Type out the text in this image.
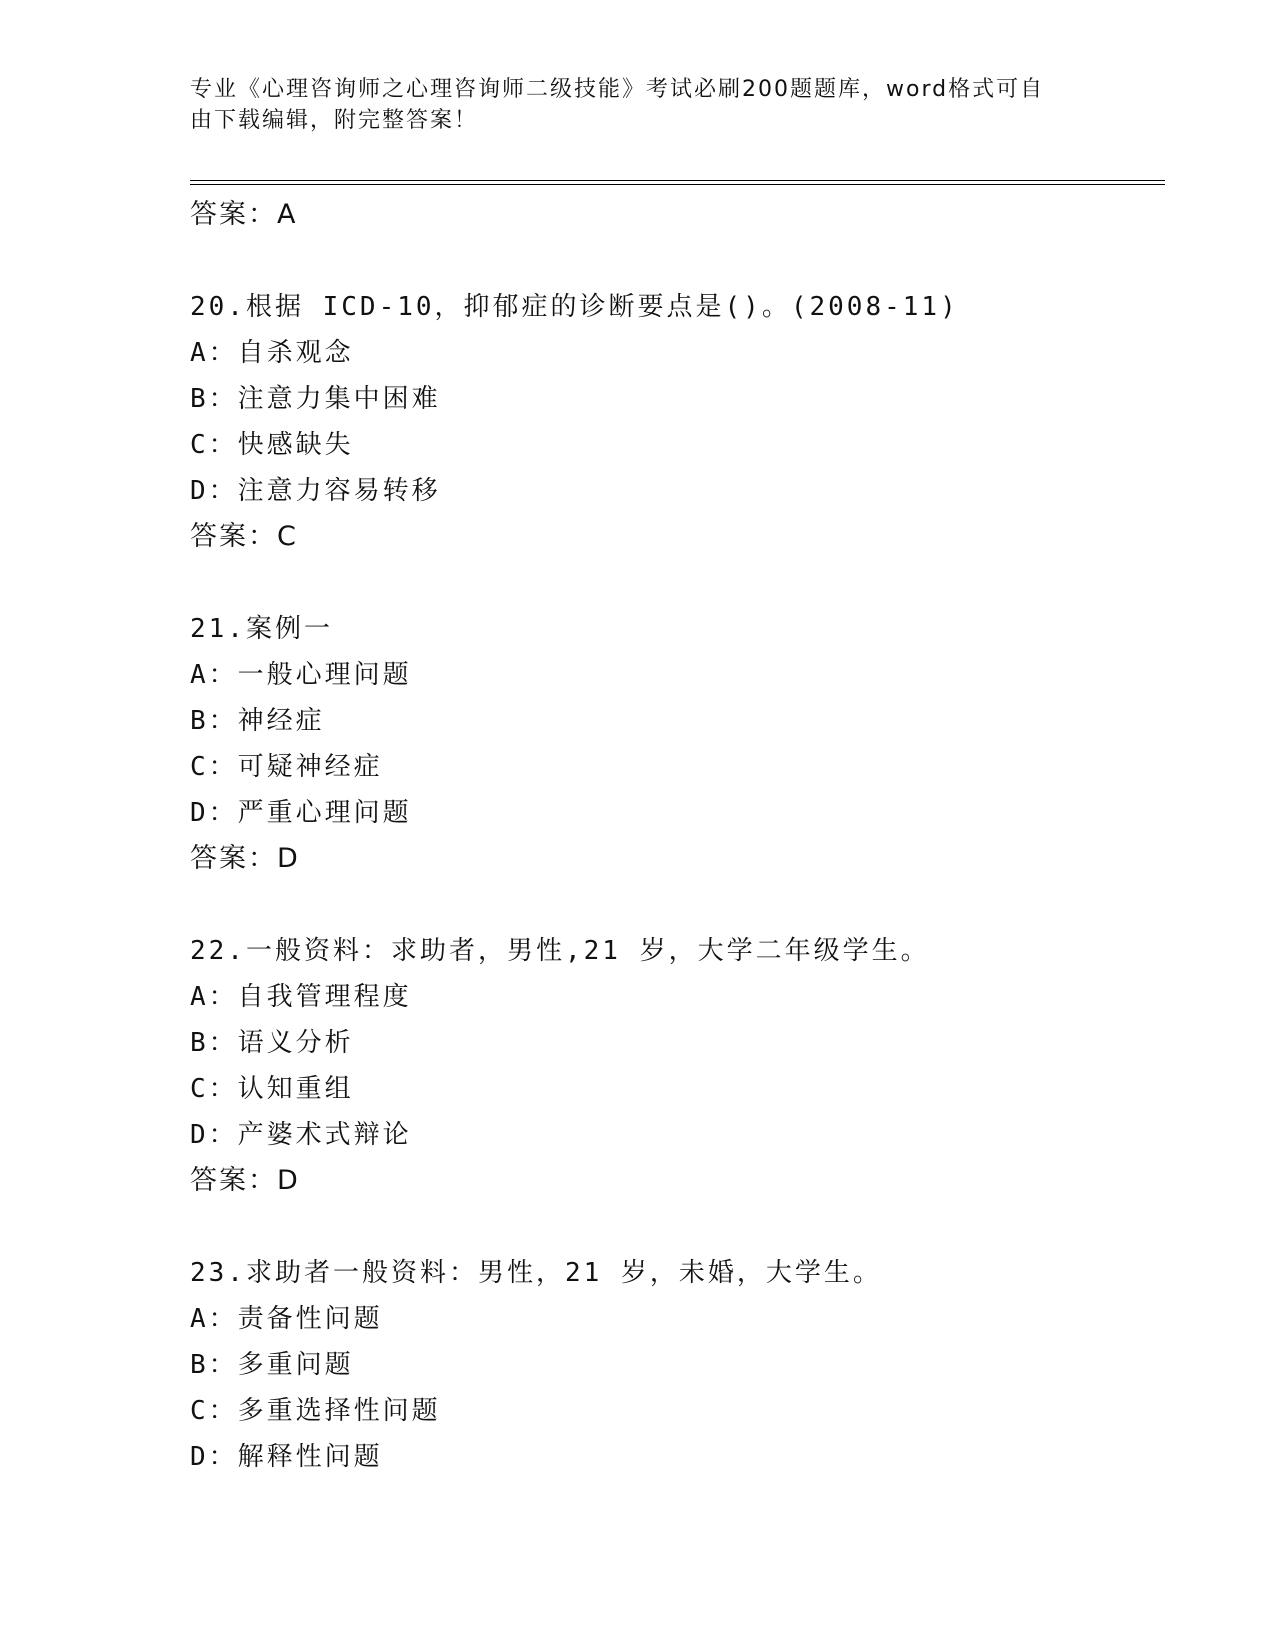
专业《心理咨询师之心理咨询师二级技能》考试必刷200题题库，word格式可自
由下载编辑，附完整答案！
答案：A
20.根据 ICD-10，抑郁症的诊断要点是()。(2008-11)
A：自杀观念
B：注意力集中困难
C：快感缺失
D：注意力容易转移
答案：C
21.案例一
A：一般心理问题
B：神经症
C：可疑神经症
D：严重心理问题
答案：D
22.一般资料：求助者，男性,21 岁，大学二年级学生。
A：自我管理程度
B：语义分析
C：认知重组
D：产婆术式辩论
答案：D
23.求助者一般资料：男性，21 岁，未婚，大学生。
A：责备性问题
B：多重问题
C：多重选择性问题
D：解释性问题
